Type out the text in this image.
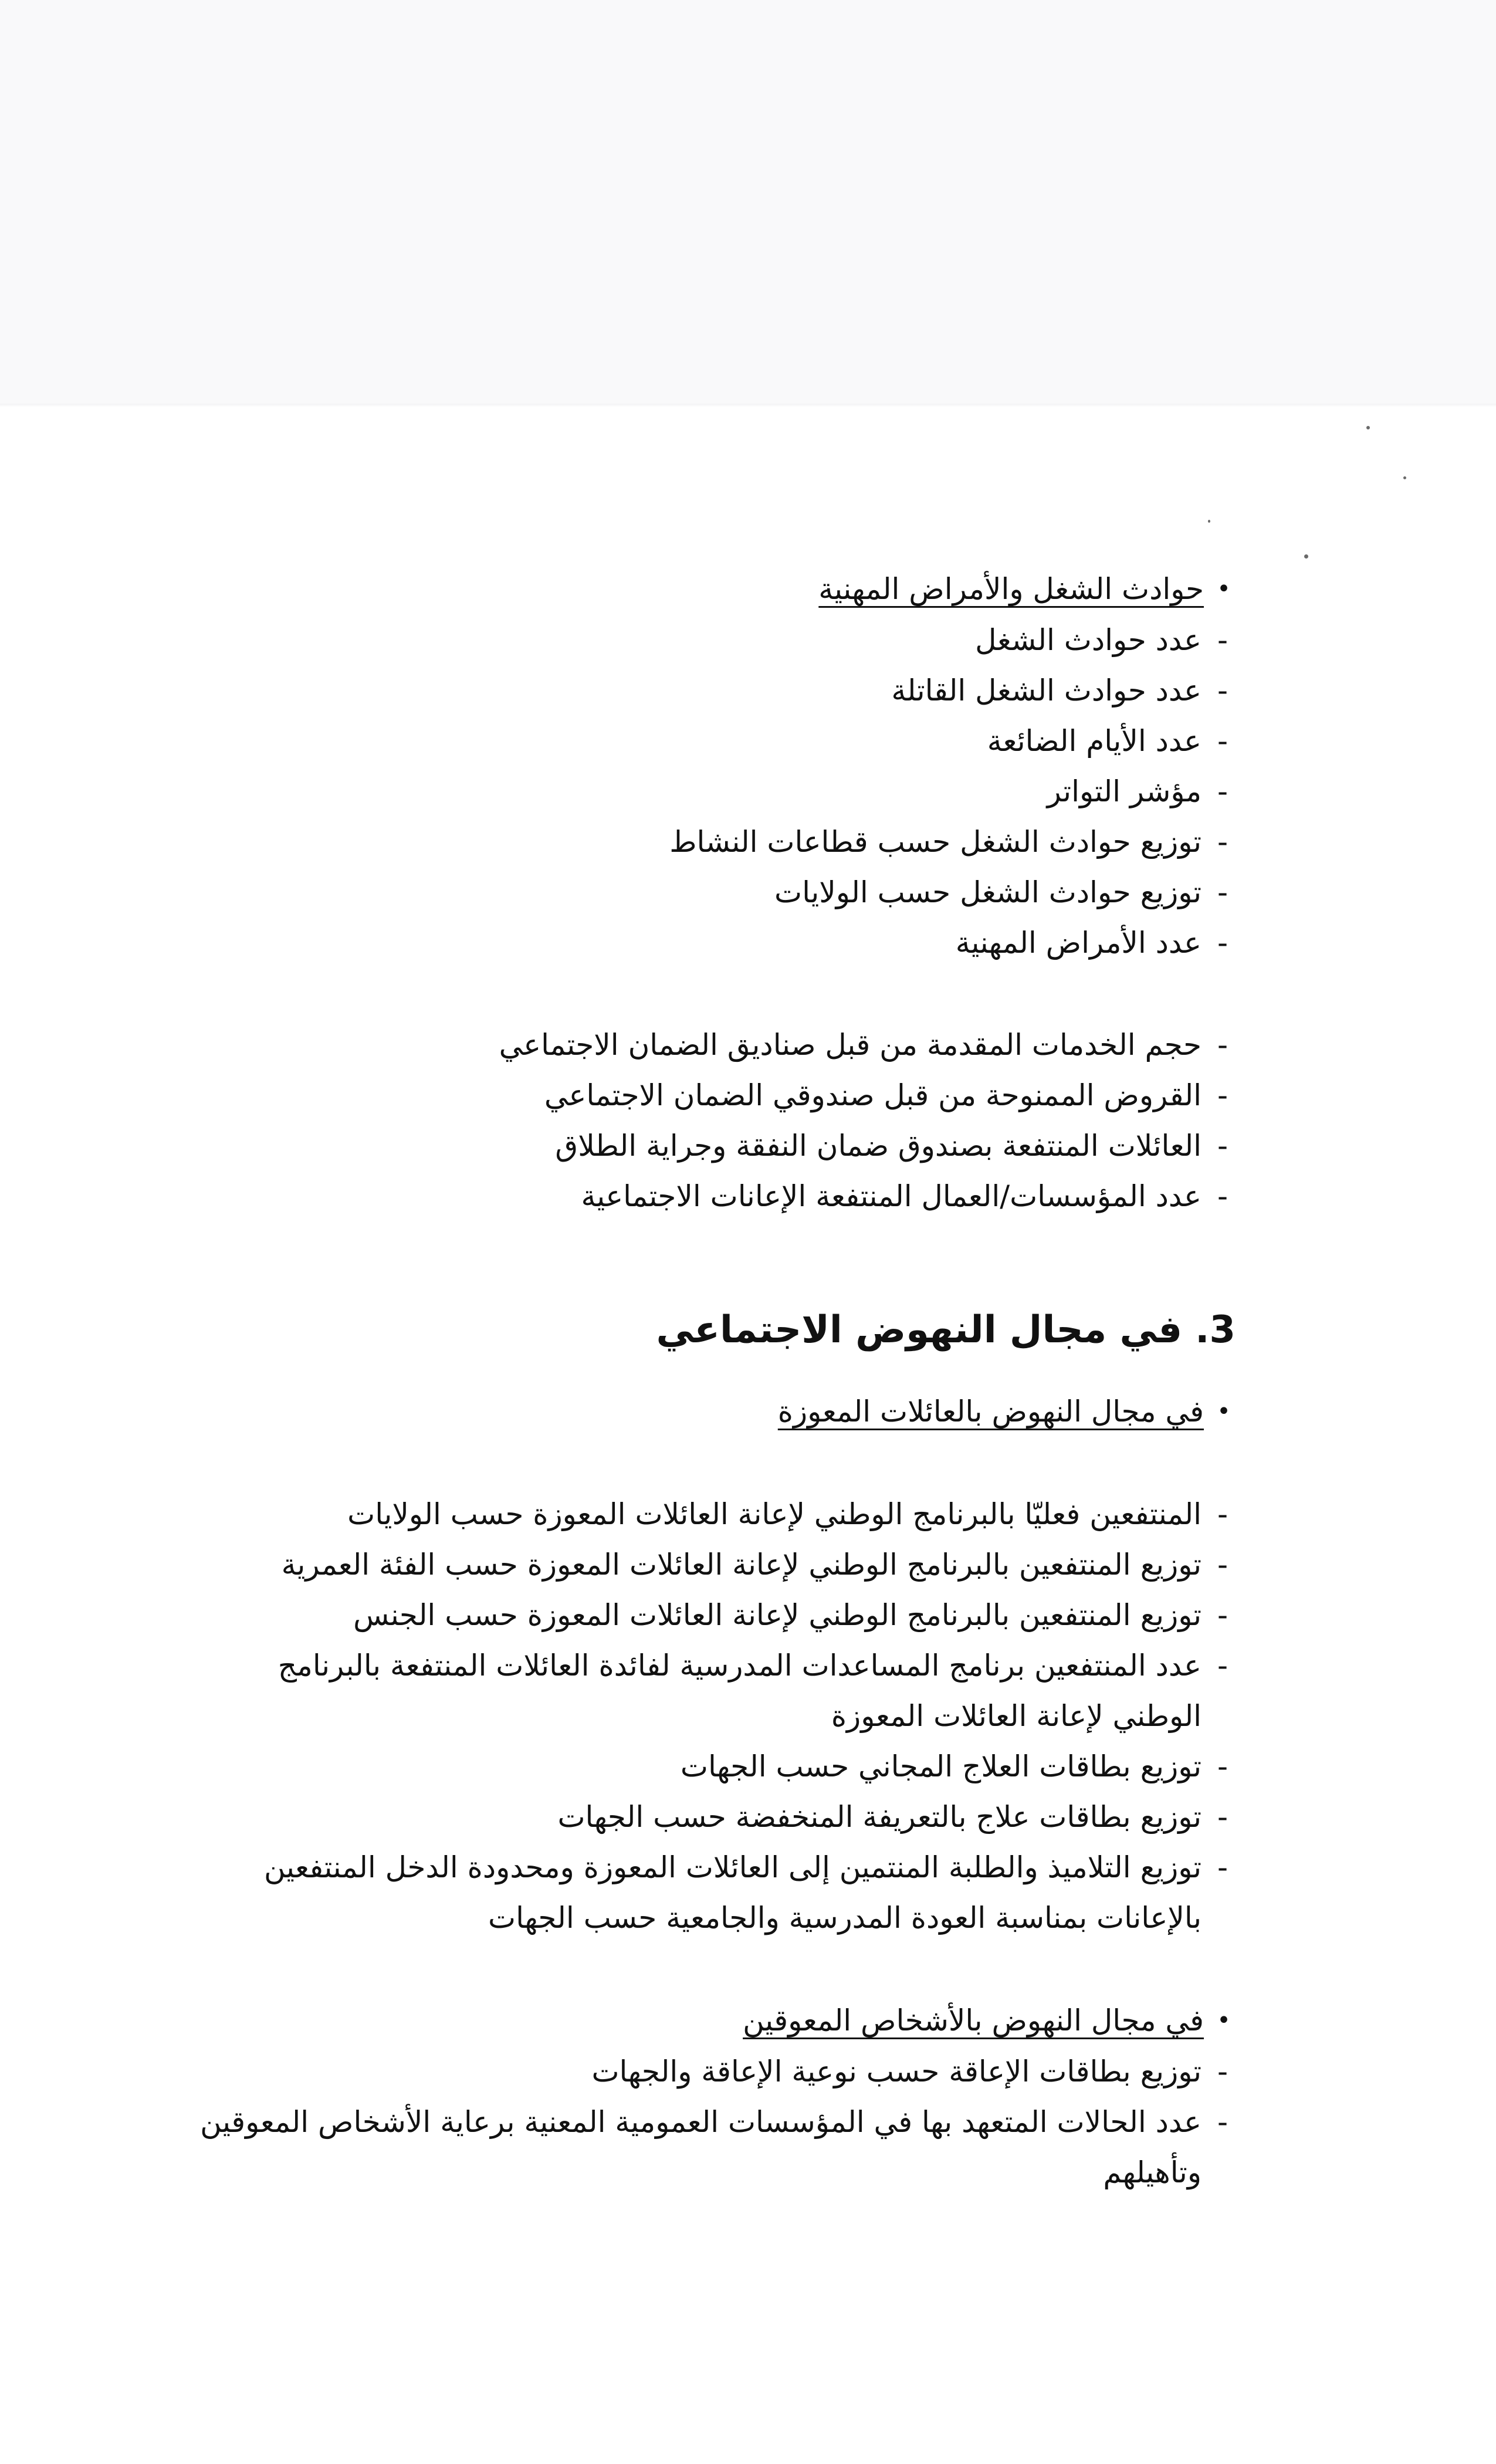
•
حوادث الشغل والأمراض المهنية
-
عدد حوادث الشغل
-
عدد حوادث الشغل القاتلة
-
عدد الأيام الضائعة
-
مؤشر التواتر
-
توزيع حوادث الشغل حسب قطاعات النشاط
-
توزيع حوادث الشغل حسب الولايات
-
عدد الأمراض المهنية
-
حجم الخدمات المقدمة من قبل صناديق الضمان الاجتماعي
-
القروض الممنوحة من قبل صندوقي الضمان الاجتماعي
-
العائلات المنتفعة بصندوق ضمان النفقة وجراية الطلاق
-
عدد المؤسسات/العمال المنتفعة الإعانات الاجتماعية
3.
في مجال النهوض الاجتماعي
•
في مجال النهوض بالعائلات المعوزة
-
المنتفعين فعليّا بالبرنامج الوطني لإعانة العائلات المعوزة حسب الولايات
-
توزيع المنتفعين بالبرنامج الوطني لإعانة العائلات المعوزة حسب الفئة العمرية
-
توزيع المنتفعين بالبرنامج الوطني لإعانة العائلات المعوزة حسب الجنس
-
عدد المنتفعين برنامج المساعدات المدرسية لفائدة العائلات المنتفعة بالبرنامج الوطني لإعانة العائلات المعوزة
-
توزيع بطاقات العلاج المجاني حسب الجهات
-
توزيع بطاقات علاج بالتعريفة المنخفضة حسب الجهات
-
توزيع التلاميذ والطلبة المنتمين إلى العائلات المعوزة ومحدودة الدخل المنتفعين بالإعانات بمناسبة العودة المدرسية والجامعية حسب الجهات
•
في مجال النهوض بالأشخاص المعوقين
-
توزيع بطاقات الإعاقة حسب نوعية الإعاقة والجهات
-
عدد الحالات المتعهد بها في المؤسسات العمومية المعنية برعاية الأشخاص المعوقين وتأهيلهم
